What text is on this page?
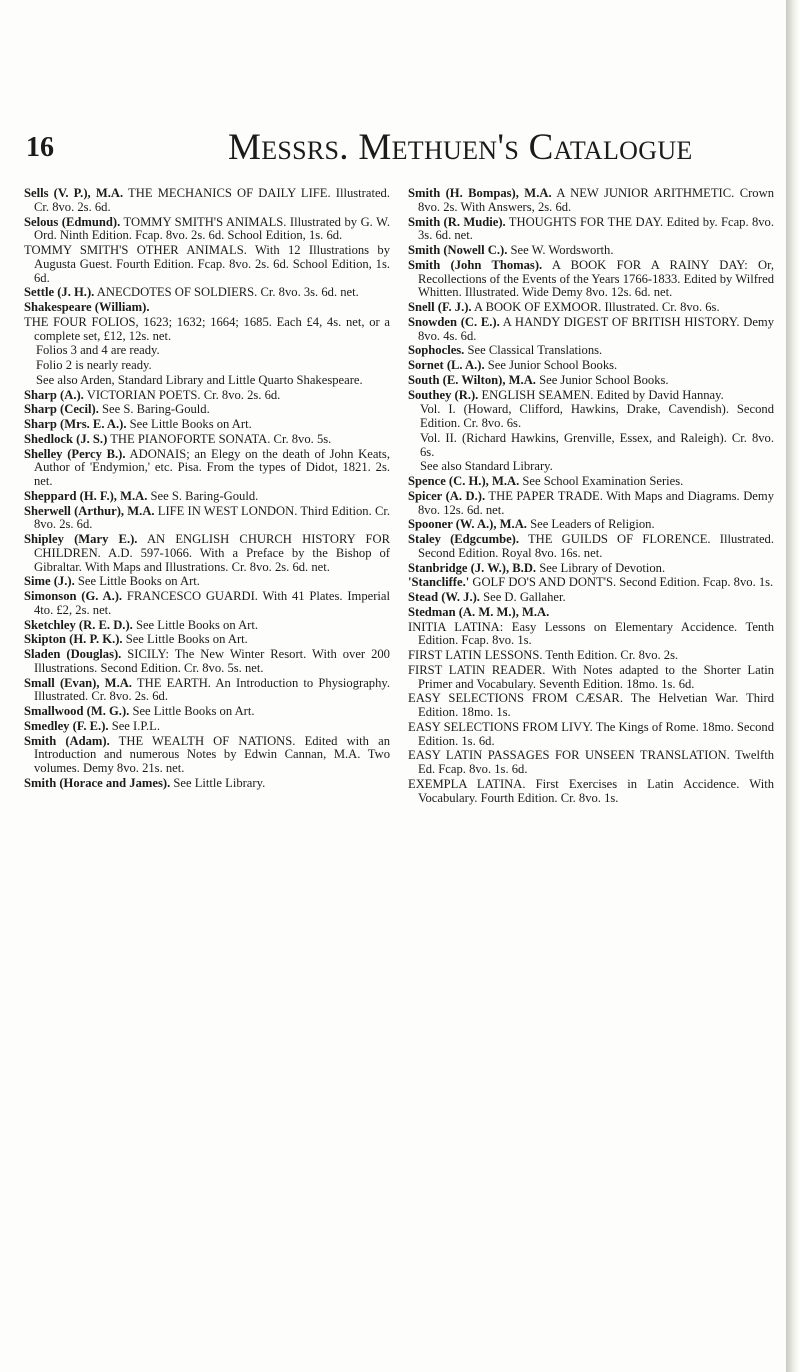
16	Messrs. Methuen's Catalogue

Sells (V. P.), M.A. THE MECHANICS OF DAILY LIFE. Illustrated. Cr. 8vo. 2s. 6d.

Selous (Edmund). TOMMY SMITH'S ANIMALS. Illustrated by G. W. Ord. Ninth Edition. Fcap. 8vo. 2s. 6d. School Edition, 1s. 6d.

TOMMY SMITH'S OTHER ANIMALS. With 12 Illustrations by Augusta Guest. Fourth Edition. Fcap. 8vo. 2s. 6d. School Edition, 1s. 6d.

Settle (J. H.). ANECDOTES OF SOLDIERS. Cr. 8vo. 3s. 6d. net.

Shakespeare (William).

THE FOUR FOLIOS, 1623; 1632; 1664; 1685. Each £4, 4s. net, or a complete set, £12, 12s. net.

Folios 3 and 4 are ready.

Folio 2 is nearly ready.

See also Arden, Standard Library and Little Quarto Shakespeare.

Sharp (A.). VICTORIAN POETS. Cr. 8vo. 2s. 6d.

Sharp (Cecil). See S. Baring-Gould.

Sharp (Mrs. E. A.). See Little Books on Art.

Shedlock (J. S.) THE PIANOFORTE SONATA. Cr. 8vo. 5s.

Shelley (Percy B.). ADONAIS; an Elegy on the death of John Keats, Author of 'Endymion,' etc. Pisa. From the types of Didot, 1821. 2s. net.

Sheppard (H. F.), M.A. See S. Baring-Gould.

Sherwell (Arthur), M.A. LIFE IN WEST LONDON. Third Edition. Cr. 8vo. 2s. 6d.

Shipley (Mary E.). AN ENGLISH CHURCH HISTORY FOR CHILDREN. A.D. 597-1066. With a Preface by the Bishop of Gibraltar. With Maps and Illustrations. Cr. 8vo. 2s. 6d. net.

Sime (J.). See Little Books on Art.

Simonson (G. A.). FRANCESCO GUARDI. With 41 Plates. Imperial 4to. £2, 2s. net.

Sketchley (R. E. D.). See Little Books on Art.

Skipton (H. P. K.). See Little Books on Art.

Sladen (Douglas). SICILY: The New Winter Resort. With over 200 Illustrations. Second Edition. Cr. 8vo. 5s. net.

Small (Evan), M.A. THE EARTH. An Introduction to Physiography. Illustrated. Cr. 8vo. 2s. 6d.

Smallwood (M. G.). See Little Books on Art.

Smedley (F. E.). See I.P.L.

Smith (Adam). THE WEALTH OF NATIONS. Edited with an Introduction and numerous Notes by Edwin Cannan, M.A. Two volumes. Demy 8vo. 21s. net.

Smith (Horace and James). See Little Library.

Smith (H. Bompas), M.A. A NEW JUNIOR ARITHMETIC. Crown 8vo. 2s. With Answers, 2s. 6d.

Smith (R. Mudie). THOUGHTS FOR THE DAY. Edited by. Fcap. 8vo. 3s. 6d. net.

Smith (Nowell C.). See W. Wordsworth.

Smith (John Thomas). A BOOK FOR A RAINY DAY: Or, Recollections of the Events of the Years 1766-1833. Edited by Wilfred Whitten. Illustrated. Wide Demy 8vo. 12s. 6d. net.

Snell (F. J.). A BOOK OF EXMOOR. Illustrated. Cr. 8vo. 6s.

Snowden (C. E.). A HANDY DIGEST OF BRITISH HISTORY. Demy 8vo. 4s. 6d.

Sophocles. See Classical Translations.

Sornet (L. A.). See Junior School Books.

South (E. Wilton), M.A. See Junior School Books.

Southey (R.). ENGLISH SEAMEN. Edited by David Hannay.

Vol. I. (Howard, Clifford, Hawkins, Drake, Cavendish). Second Edition. Cr. 8vo. 6s.

Vol. II. (Richard Hawkins, Grenville, Essex, and Raleigh). Cr. 8vo. 6s.

See also Standard Library.

Spence (C. H.), M.A. See School Examination Series.

Spicer (A. D.). THE PAPER TRADE. With Maps and Diagrams. Demy 8vo. 12s. 6d. net.

Spooner (W. A.), M.A. See Leaders of Religion.

Staley (Edgcumbe). THE GUILDS OF FLORENCE. Illustrated. Second Edition. Royal 8vo. 16s. net.

Stanbridge (J. W.), B.D. See Library of Devotion.

'Stancliffe.' GOLF DO'S AND DONT'S. Second Edition. Fcap. 8vo. 1s.

Stead (W. J.). See D. Gallaher.

Stedman (A. M. M.), M.A.

INITIA LATINA: Easy Lessons on Elementary Accidence. Tenth Edition. Fcap. 8vo. 1s.

FIRST LATIN LESSONS. Tenth Edition. Cr. 8vo. 2s.

FIRST LATIN READER. With Notes adapted to the Shorter Latin Primer and Vocabulary. Seventh Edition. 18mo. 1s. 6d.

EASY SELECTIONS FROM CÆSAR. The Helvetian War. Third Edition. 18mo. 1s.

EASY SELECTIONS FROM LIVY. The Kings of Rome. 18mo. Second Edition. 1s. 6d.

EASY LATIN PASSAGES FOR UNSEEN TRANSLATION. Twelfth Ed. Fcap. 8vo. 1s. 6d.

EXEMPLA LATINA. First Exercises in Latin Accidence. With Vocabulary. Fourth Edition. Cr. 8vo. 1s.
